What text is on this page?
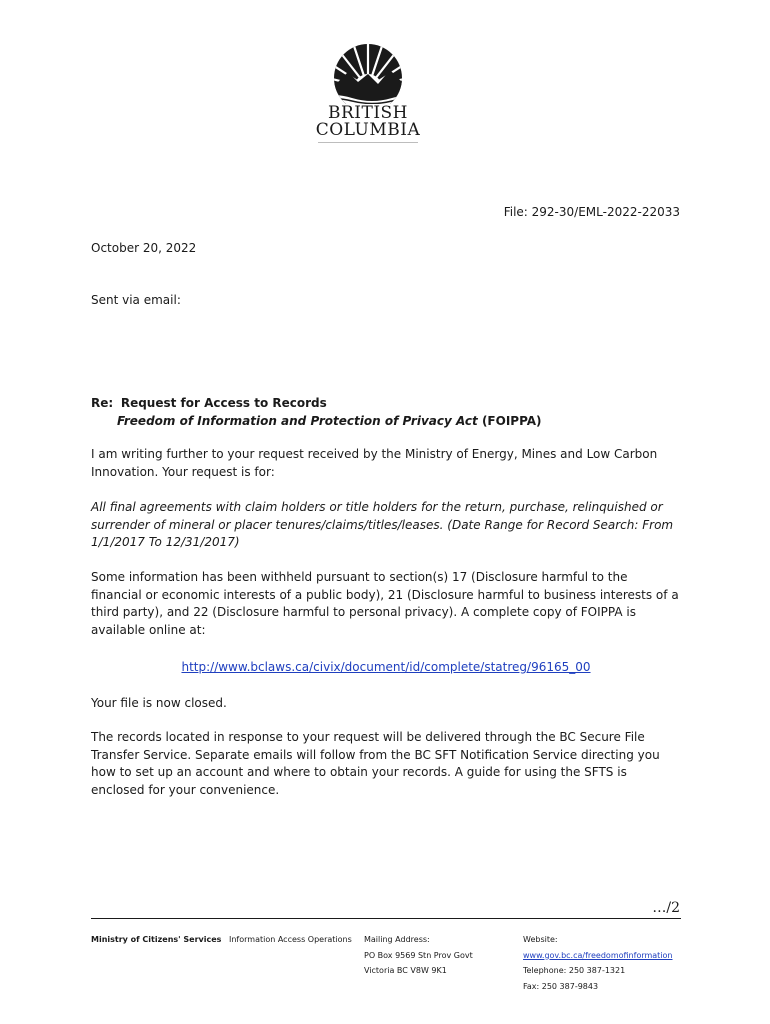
BRITISH
COLUMBIA
File: 292-30/EML-2022-22033
October 20, 2022
Sent via email:
Re: Request for Access to Records
Freedom of Information and Protection of Privacy Act (FOIPPA)
I am writing further to your request received by the Ministry of Energy, Mines and Low Carbon Innovation. Your request is for:
All final agreements with claim holders or title holders for the return, purchase, relinquished or surrender of mineral or placer tenures/claims/titles/leases. (Date Range for Record Search: From 1/1/2017 To 12/31/2017)
Some information has been withheld pursuant to section(s) 17 (Disclosure harmful to the financial or economic interests of a public body), 21 (Disclosure harmful to business interests of a third party), and 22 (Disclosure harmful to personal privacy). A complete copy of FOIPPA is available online at:
http://www.bclaws.ca/civix/document/id/complete/statreg/96165_00
Your file is now closed.
The records located in response to your request will be delivered through the BC Secure File Transfer Service. Separate emails will follow from the BC SFT Notification Service directing you how to set up an account and where to obtain your records. A guide for using the SFTS is enclosed for your convenience.
…/2
Ministry of Citizens' Services Information Access Operations Mailing Address:
PO Box 9569 Stn Prov Govt
Victoria BC V8W 9K1
Website:
www.gov.bc.ca/freedomofinformation
Telephone: 250 387-1321
Fax: 250 387-9843
